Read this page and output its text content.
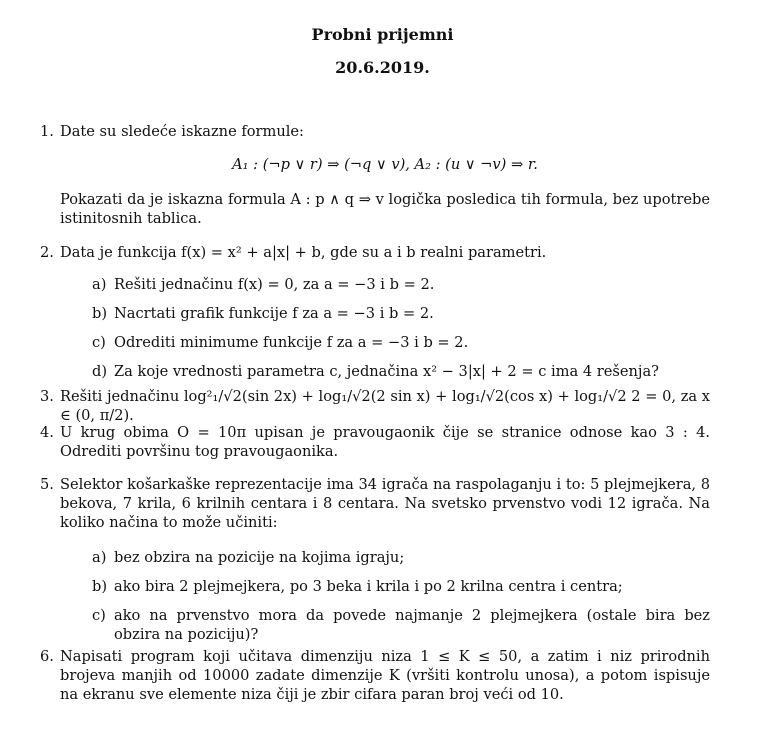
Probni prijemni
20.6.2019.
1. Date su sledeće iskazne formule:
A₁ : (¬p ∨ r) ⇒ (¬q ∨ v), A₂ : (u ∨ ¬v) ⇒ r.
Pokazati da je iskazna formula A : p ∧ q ⇒ v logička posledica tih formula, bez upotrebe istinitosnih tablica.
2. Data je funkcija f(x) = x² + a|x| + b, gde su a i b realni parametri.
a) Rešiti jednačinu f(x) = 0, za a = −3 i b = 2.
b) Nacrtati grafik funkcije f za a = −3 i b = 2.
c) Odrediti minimume funkcije f za a = −3 i b = 2.
d) Za koje vrednosti parametra c, jednačina x² − 3|x| + 2 = c ima 4 rešenja?
3. Rešiti jednačinu log²₁/√2(sin 2x) + log₁/√2(2 sin x) + log₁/√2(cos x) + log₁/√2 2 = 0, za x ∈ (0, π/2).
4. U krug obima O = 10π upisan je pravougaonik čije se stranice odnose kao 3 : 4. Odrediti površinu tog pravougaonika.
5. Selektor košarkaške reprezentacije ima 34 igrača na raspolaganju i to: 5 plejmejkera, 8 bekova, 7 krila, 6 krilnih centara i 8 centara. Na svetsko prvenstvo vodi 12 igrača. Na koliko načina to može učiniti:
a) bez obzira na pozicije na kojima igraju;
b) ako bira 2 plejmejkera, po 3 beka i krila i po 2 krilna centra i centra;
c) ako na prvenstvo mora da povede najmanje 2 plejmejkera (ostale bira bez obzira na poziciju)?
6. Napisati program koji učitava dimenziju niza 1 ≤ K ≤ 50, a zatim i niz prirodnih brojeva manjih od 10000 zadate dimenzije K (vršiti kontrolu unosa), a potom ispisuje na ekranu sve elemente niza čiji je zbir cifara paran broj veći od 10.
